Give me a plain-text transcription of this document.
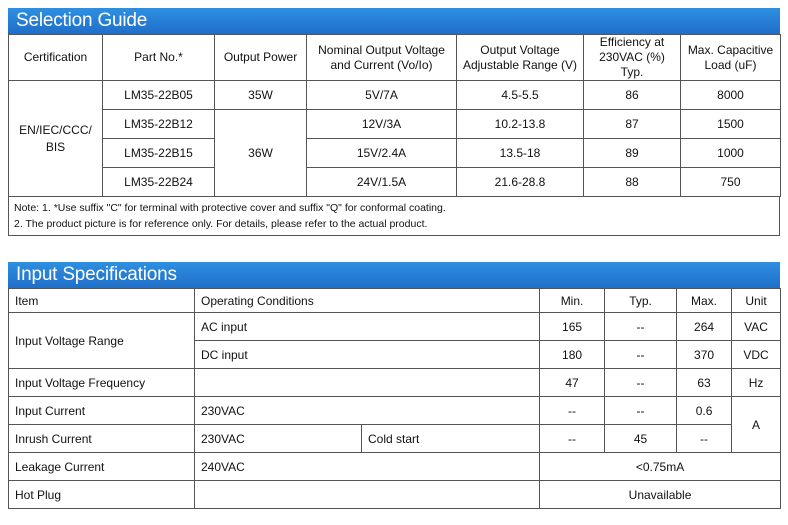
Selection Guide
Certification	Part No.*	Output Power	Nominal Output Voltage and Current (Vo/Io)	Output Voltage Adjustable Range (V)	Efficiency at 230VAC (%) Typ.	Max. Capacitive Load (uF)
EN/IEC/CCC/ BIS	LM35-22B05	35W	5V/7A	4.5-5.5	86	8000
	LM35-22B12	36W	12V/3A	10.2-13.8	87	1500
	LM35-22B15		15V/2.4A	13.5-18	89	1000
	LM35-22B24		24V/1.5A	21.6-28.8	88	750
Note: 1. *Use suffix "C" for terminal with protective cover and suffix "Q" for conformal coating.
2. The product picture is for reference only. For details, please refer to the actual product.
Input Specifications
Item	Operating Conditions		Min.	Typ.	Max.	Unit
Input Voltage Range	AC input		165	--	264	VAC
	DC input		180	--	370	VDC
Input Voltage Frequency			47	--	63	Hz
Input Current	230VAC		--	--	0.6	A
Inrush Current	230VAC	Cold start	--	45	--	
Leakage Current	240VAC		<0.75mA			
Hot Plug			Unavailable			
